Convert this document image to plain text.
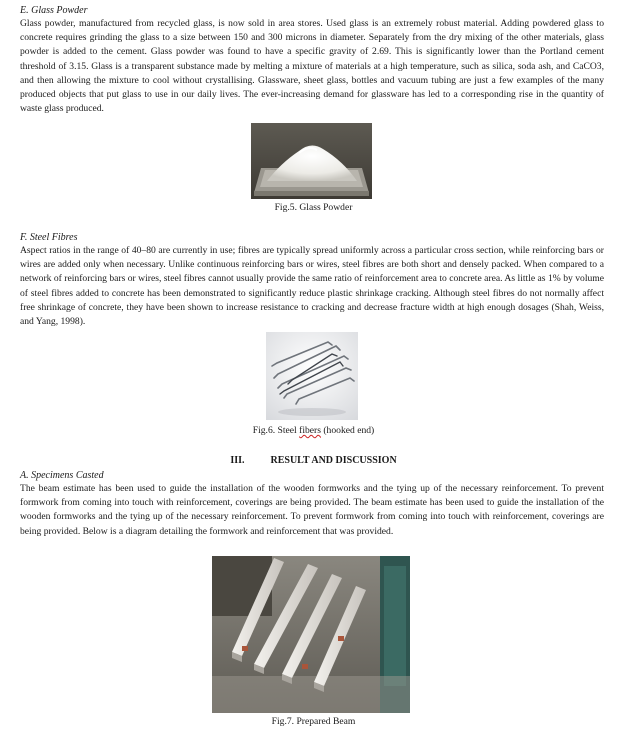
E. Glass Powder

Glass powder, manufactured from recycled glass, is now sold in area stores. Used glass is an extremely robust material. Adding powdered glass to concrete requires grinding the glass to a size between 150 and 300 microns in diameter. Separately from the dry mixing of the other materials, glass powder is added to the cement. Glass powder was found to have a specific gravity of 2.69. This is significantly lower than the Portland cement threshold of 3.15. Glass is a transparent substance made by melting a mixture of materials at a high temperature, such as silica, soda ash, and CaCO3, and then allowing the mixture to cool without crystallising. Glassware, sheet glass, bottles and vacuum tubing are just a few examples of the many produced objects that put glass to use in our daily lives. The ever-increasing demand for glassware has led to a corresponding rise in the quantity of waste glass produced.

Fig.5. Glass Powder
F. Steel Fibres

Aspect ratios in the range of 40–80 are currently in use; fibres are typically spread uniformly across a particular cross section, while reinforcing bars or wires are added only when necessary. Unlike continuous reinforcing bars or wires, steel fibres are both short and densely packed. When compared to a network of reinforcing bars or wires, steel fibres cannot usually provide the same ratio of reinforcement area to concrete area. As little as 1% by volume of steel fibres added to concrete has been demonstrated to significantly reduce plastic shrinkage cracking. Although steel fibres do not normally affect free shrinkage of concrete, they have been shown to increase resistance to cracking and decrease fracture width at high enough dosages (Shah, Weiss, and Yang, 1998).

Fig.6. Steel fibers (hooked end)
III.	RESULT AND DISCUSSION
A. Specimens Casted

The beam estimate has been used to guide the installation of the wooden formworks and the tying up of the necessary reinforcement. To prevent formwork from coming into touch with reinforcement, coverings are being provided. The beam estimate has been used to guide the installation of the wooden formworks and the tying up of the necessary reinforcement. To prevent formwork from coming into touch with reinforcement, coverings are being provided. Below is a diagram detailing the formwork and reinforcement that was provided.

Fig.7. Prepared Beam
